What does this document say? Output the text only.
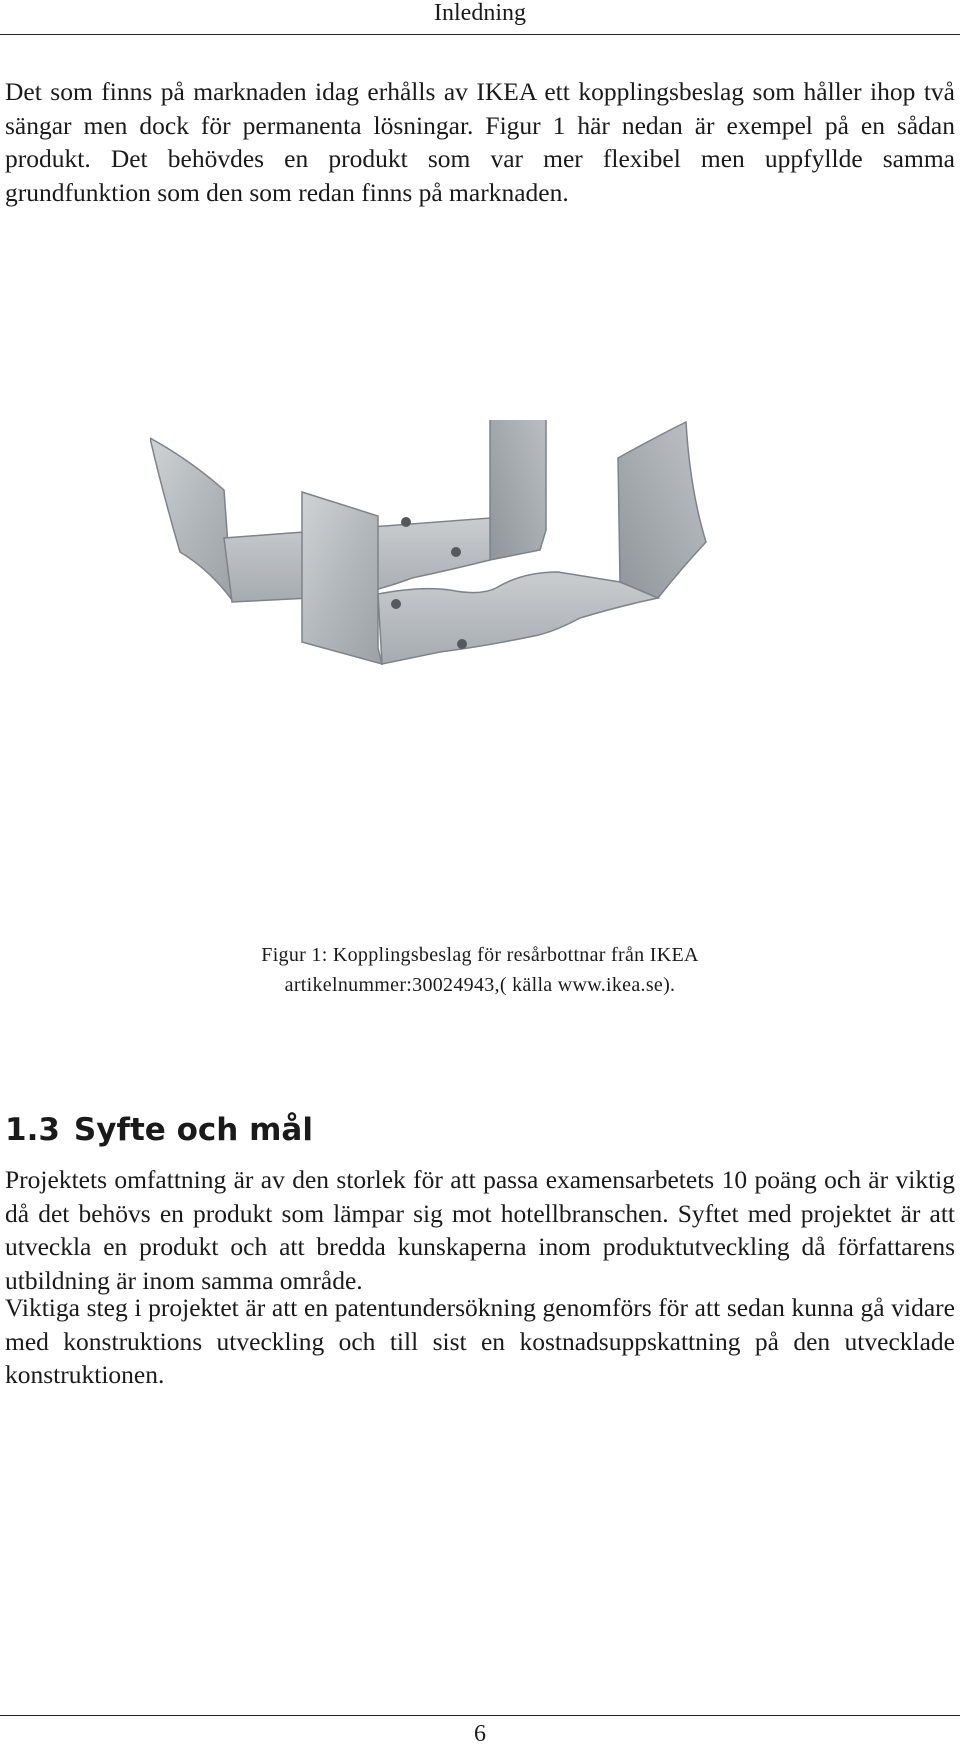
Inledning

Det som finns på marknaden idag erhålls av IKEA ett kopplingsbeslag som håller ihop två sängar men dock för permanenta lösningar. Figur 1 här nedan är exempel på en sådan produkt. Det behövdes en produkt som var mer flexibel men uppfyllde samma grundfunktion som den som redan finns på marknaden.

Figur 1: Kopplingsbeslag för resårbottnar från IKEA
artikelnummer:30024943,( källa www.ikea.se).
1.3 Syfte och mål

Projektets omfattning är av den storlek för att passa examensarbetets 10 poäng och är viktig då det behövs en produkt som lämpar sig mot hotellbranschen. Syftet med projektet är att utveckla en produkt och att bredda kunskaperna inom produktutveckling då författarens utbildning är inom samma område.

Viktiga steg i projektet är att en patentundersökning genomförs för att sedan kunna gå vidare med konstruktions utveckling och till sist en kostnadsuppskattning på den utvecklade konstruktionen.

6
